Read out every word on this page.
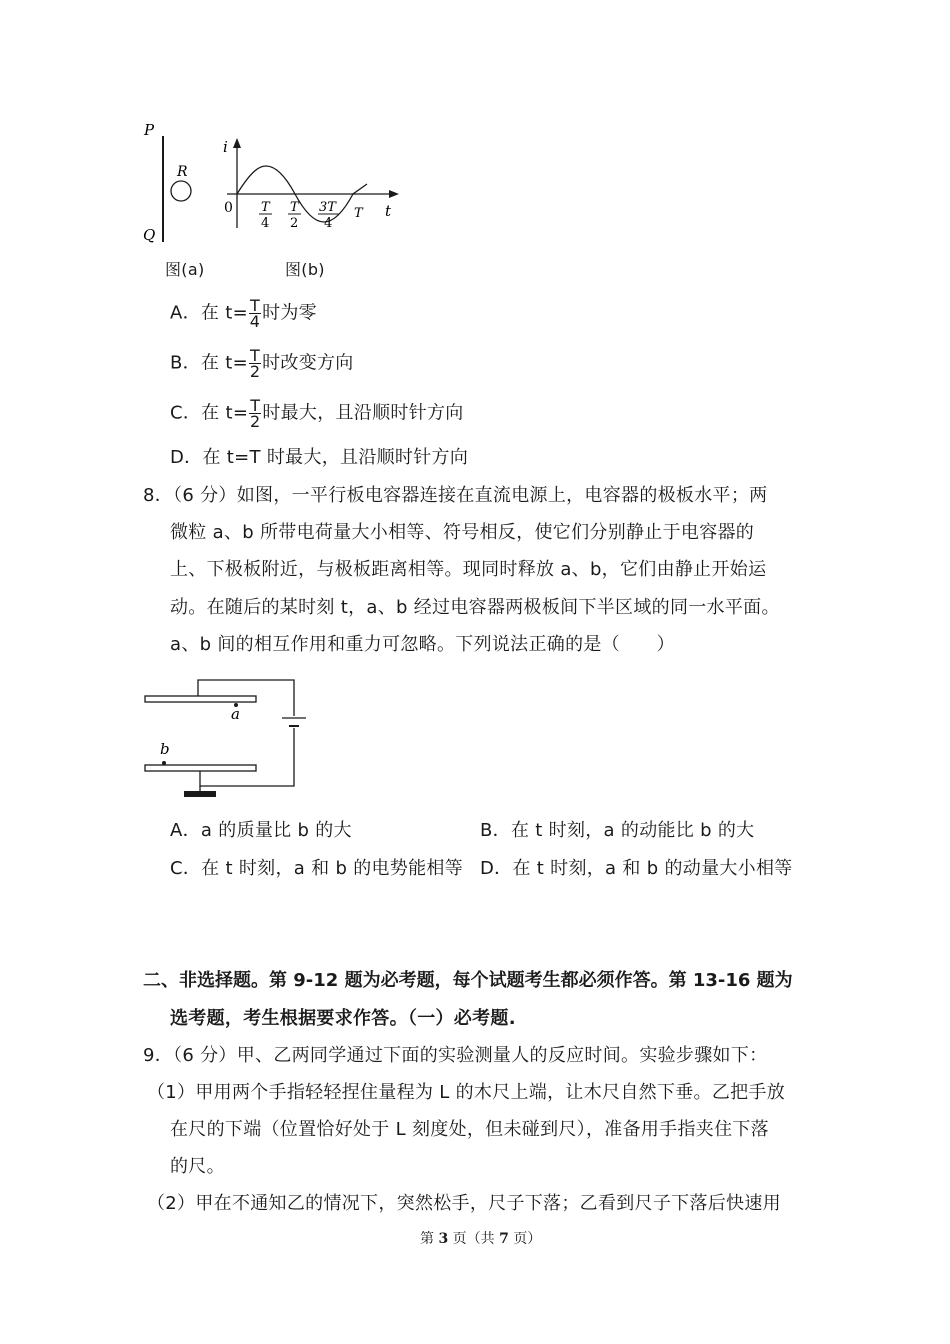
P
Q
R
i
t
0 T
4
T
2
3T
4
T
图(a)	图(b)
A．在 $t= \frac{T}{4}$ 时为零
B．在 $t= \frac{T}{2}$ 时改变方向
C．在 $t= \frac{T}{2}$ 时最大，且沿顺时针方向
D．在 t=T 时最大，且沿顺时针方向
8．（6 分）如图，一平行板电容器连接在直流电源上，电容器的极板水平；两
微粒 a、b 所带电荷量大小相等、符号相反，使它们分别静止于电容器的
上、下极板附近，与极板距离相等。现同时释放 a、b，它们由静止开始运
动。在随后的某时刻 t，a、b 经过电容器两极板间下半区域的同一水平面。
a、b 间的相互作用和重力可忽略。下列说法正确的是（　　）
a
b
A．a 的质量比 b 的大	B．在 t 时刻，a 的动能比 b 的大
C．在 t 时刻，a 和 b 的电势能相等 D．在 t 时刻，a 和 b 的动量大小相等
二、非选择题。第 9-12 题为必考题，每个试题考生都必须作答。第 13-16 题为
选考题，考生根据要求作答。（一）必考题.
9．（6 分）甲、乙两同学通过下面的实验测量人的反应时间。实验步骤如下：
（1）甲用两个手指轻轻捏住量程为 L 的木尺上端，让木尺自然下垂。乙把手放
在尺的下端（位置恰好处于 L 刻度处，但未碰到尺），准备用手指夹住下落
的尺。
（2）甲在不通知乙的情况下，突然松手，尺子下落；乙看到尺子下落后快速用
第 3 页（共 7 页）
